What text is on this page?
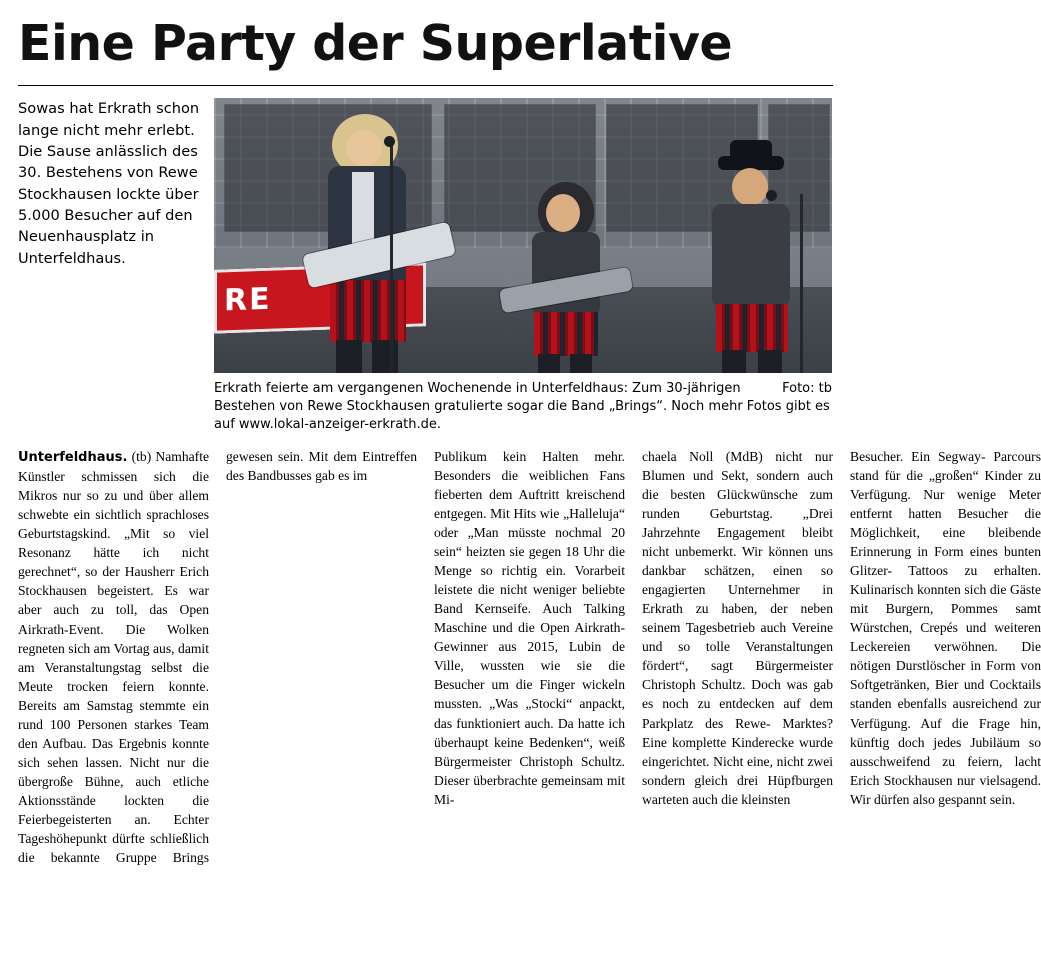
Eine Party der Superlative
Sowas hat Erkrath schon lange nicht mehr erlebt. Die Sause anlässlich des 30. Bestehens von Rewe Stockhausen lockte über 5.000 Besucher auf den Neuenhausplatz in Unterfeldhaus.
RE
Foto: tb
Erkrath feierte am vergangenen Wochenende in Unterfeldhaus: Zum 30-jährigen Bestehen von Rewe Stockhausen gratulierte sogar die Band „Brings“. Noch mehr Fotos gibt es auf www.lokal-anzeiger-erkrath.de.

Unterfeldhaus. (tb) Namhafte Künstler schmissen sich die Mikros nur so zu und über allem schwebte ein sichtlich sprachloses Geburtstagskind. „Mit so viel Resonanz hätte ich nicht gerechnet“, so der Hausherr Erich Stockhausen begeistert. Es war aber auch zu toll, das Open Airkrath-Event. Die Wolken regneten sich am Vortag aus, damit am Veranstaltungstag selbst die Meute trocken feiern konnte. Bereits am Samstag stemmte ein rund 100 Personen starkes Team den Aufbau. Das Ergebnis konnte sich sehen lassen. Nicht nur die übergroße Bühne, auch etliche Aktionsstände lockten die Feierbegeisterten an. Echter Tageshöhepunkt dürfte schließlich die bekannte Gruppe Brings gewesen sein. Mit dem Eintreffen des Bandbusses gab es im

Publikum kein Halten mehr. Besonders die weiblichen Fans fieberten dem Auftritt kreischend entgegen. Mit Hits wie „Halleluja“ oder „Man müsste nochmal 20 sein“ heizten sie gegen 18 Uhr die Menge so richtig ein. Vorarbeit leistete die nicht weniger beliebte Band Kernseife. Auch Talking Maschine und die Open Airkrath-Gewinner aus 2015, Lubin de Ville, wussten wie sie die Besucher um die Finger wickeln mussten. „Was „Stocki“ anpackt, das funktioniert auch. Da hatte ich überhaupt keine Bedenken“, weiß Bürgermeister Christoph Schultz. Dieser überbrachte gemeinsam mit Mi-

chaela Noll (MdB) nicht nur Blumen und Sekt, sondern auch die besten Glückwünsche zum runden Geburtstag. „Drei Jahrzehnte Engagement bleibt nicht unbemerkt. Wir können uns dankbar schätzen, einen so engagierten Unternehmer in Erkrath zu haben, der neben seinem Tagesbetrieb auch Vereine und so tolle Veranstaltungen fördert“, sagt Bürgermeister Christoph Schultz. Doch was gab es noch zu entdecken auf dem Parkplatz des Rewe- Marktes? Eine komplette Kinderecke wurde eingerichtet. Nicht eine, nicht zwei sondern gleich drei Hüpfburgen warteten auch die kleinsten

Besucher. Ein Segway- Parcours stand für die „großen“ Kinder zu Verfügung. Nur wenige Meter entfernt hatten Besucher die Möglichkeit, eine bleibende Erinnerung in Form eines bunten Glitzer- Tattoos zu erhalten. Kulinarisch konnten sich die Gäste mit Burgern, Pommes samt Würstchen, Crepés und weiteren Leckereien verwöhnen. Die nötigen Durstlöscher in Form von Softgetränken, Bier und Cocktails standen ebenfalls ausreichend zur Verfügung. Auf die Frage hin, künftig doch jedes Jubiläum so ausschweifend zu feiern, lacht Erich Stockhausen nur vielsagend. Wir dürfen also gespannt sein.
